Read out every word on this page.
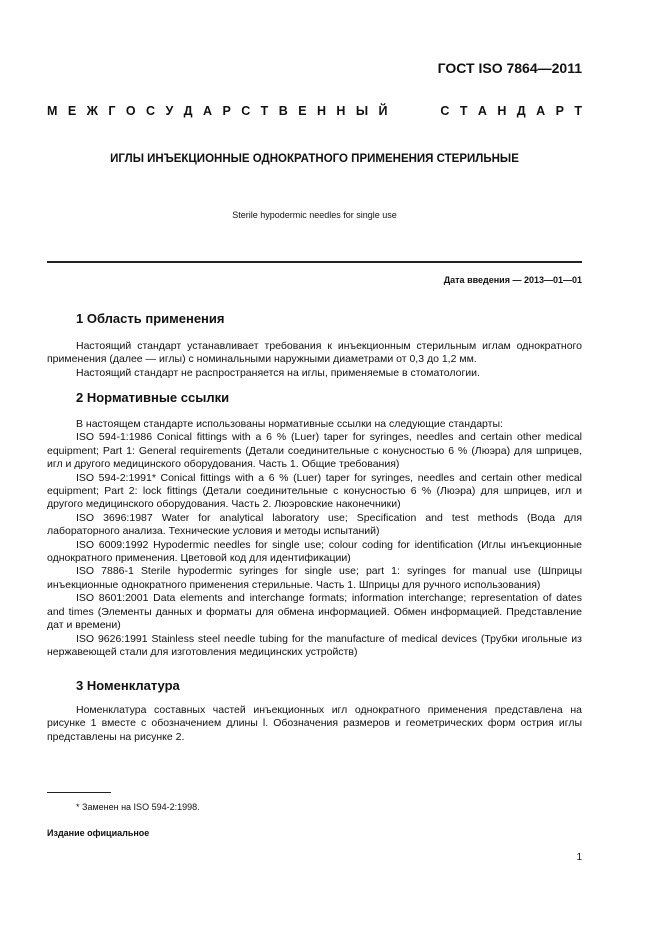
ГОСТ ISO 7864—2011
М Е Ж Г О С У Д А Р С Т В Е Н Н Ы Й	С Т А Н Д А Р Т
ИГЛЫ ИНЪЕКЦИОННЫЕ ОДНОКРАТНОГО ПРИМЕНЕНИЯ СТЕРИЛЬНЫЕ
Sterile hypodermic needles for single use
Дата введения — 2013—01—01
1 Область применения

Настоящий стандарт устанавливает требования к инъекционным стерильным иглам однократного применения (далее — иглы) с номинальными наружными диаметрами от 0,3 до 1,2 мм.

Настоящий стандарт не распространяется на иглы, применяемые в стоматологии.

2 Нормативные ссылки

В настоящем стандарте использованы нормативные ссылки на следующие стандарты:

ISO 594-1:1986 Conical fittings with a 6 % (Luer) taper for syringes, needles and certain other medical equipment; Part 1: General requirements (Детали соединительные с конусностью 6 % (Люэра) для шприцев, игл и другого медицинского оборудования. Часть 1. Общие требования)

ISO 594-2:1991* Conical fittings with a 6 % (Luer) taper for syringes, needles and certain other medical equipment; Part 2: lock fittings (Детали соединительные с конусностью 6 % (Люэра) для шприцев, игл и другого медицинского оборудования. Часть 2. Люэровские наконечники)

ISO 3696:1987 Water for analytical laboratory use; Specification and test methods (Вода для лабораторного анализа. Технические условия и методы испытаний)

ISO 6009:1992 Hypodermic needles for single use; colour coding for identification (Иглы инъекционные однократного применения. Цветовой код для идентификации)

ISO 7886-1 Sterile hypodermic syringes for single use; part 1: syringes for manual use (Шприцы инъекционные однократного применения стерильные. Часть 1. Шприцы для ручного использования)

ISO 8601:2001 Data elements and interchange formats; information interchange; representation of dates and times (Элементы данных и форматы для обмена информацией. Обмен информацией. Представление дат и времени)

ISO 9626:1991 Stainless steel needle tubing for the manufacture of medical devices (Трубки игольные из нержавеющей стали для изготовления медицинских устройств)

3 Номенклатура

Номенклатура составных частей инъекционных игл однократного применения представлена на рисунке 1 вместе с обозначением длины l. Обозначения размеров и геометрических форм острия иглы представлены на рисунке 2.

* Заменен на ISO 594-2:1998.
Издание официальное
1
